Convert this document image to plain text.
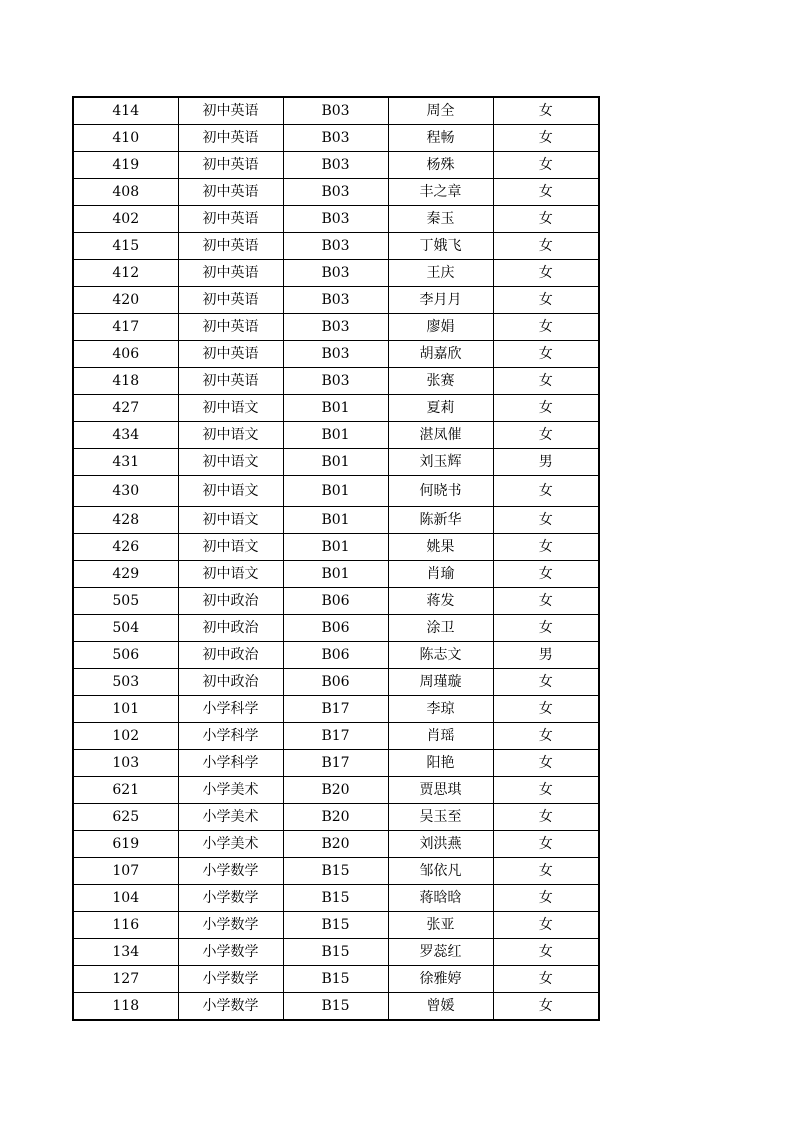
414	初中英语	B03	周全	女
410	初中英语	B03	程畅	女
419	初中英语	B03	杨殊	女
408	初中英语	B03	丰之章	女
402	初中英语	B03	秦玉	女
415	初中英语	B03	丁娥飞	女
412	初中英语	B03	王庆	女
420	初中英语	B03	李月月	女
417	初中英语	B03	廖娟	女
406	初中英语	B03	胡嘉欣	女
418	初中英语	B03	张赛	女
427	初中语文	B01	夏莉	女
434	初中语文	B01	湛凤催	女
431	初中语文	B01	刘玉辉	男
430	初中语文	B01	何晓书	女
428	初中语文	B01	陈新华	女
426	初中语文	B01	姚果	女
429	初中语文	B01	肖瑜	女
505	初中政治	B06	蒋发	女
504	初中政治	B06	涂卫	女
506	初中政治	B06	陈志文	男
503	初中政治	B06	周瑾璇	女
101	小学科学	B17	李琼	女
102	小学科学	B17	肖瑶	女
103	小学科学	B17	阳艳	女
621	小学美术	B20	贾思琪	女
625	小学美术	B20	吴玉至	女
619	小学美术	B20	刘洪燕	女
107	小学数学	B15	邹依凡	女
104	小学数学	B15	蒋晗晗	女
116	小学数学	B15	张亚	女
134	小学数学	B15	罗蕊红	女
127	小学数学	B15	徐雅婷	女
118	小学数学	B15	曾媛	女
